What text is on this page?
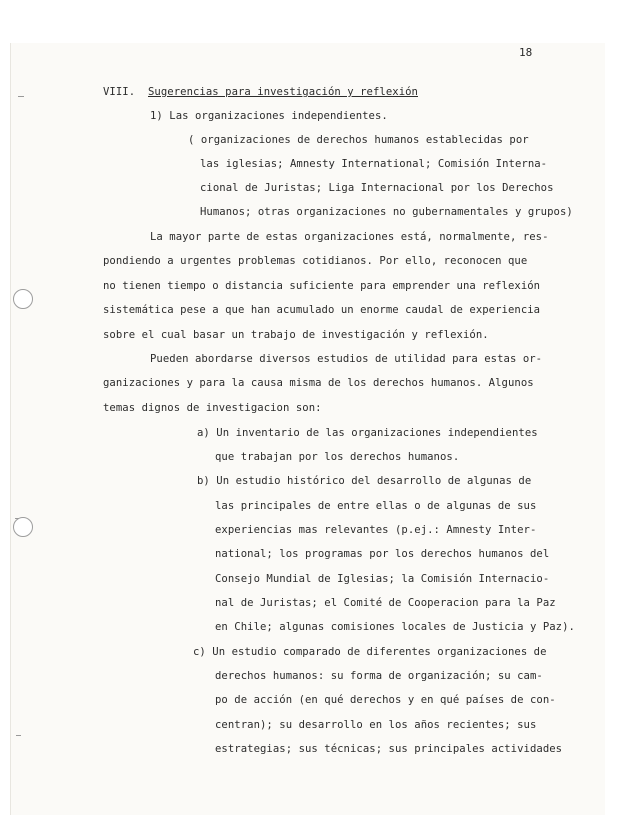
18
VIII. Sugerencias para investigación y reflexión
1) Las organizaciones independientes.
( organizaciones de derechos humanos establecidas por
las iglesias; Amnesty International; Comisión Interna-
cional de Juristas; Liga Internacional por los Derechos
Humanos; otras organizaciones no gubernamentales y grupos)
La mayor parte de estas organizaciones está, normalmente, res-
pondiendo a urgentes problemas cotidianos. Por ello, reconocen que
no tienen tiempo o distancia suficiente para emprender una reflexión
sistemática pese a que han acumulado un enorme caudal de experiencia
sobre el cual basar un trabajo de investigación y reflexión.
Pueden abordarse diversos estudios de utilidad para estas or-
ganizaciones y para la causa misma de los derechos humanos. Algunos
temas dignos de investigacion son:
a) Un inventario de las organizaciones independientes
que trabajan por los derechos humanos.
b) Un estudio histórico del desarrollo de algunas de
las principales de entre ellas o de algunas de sus
experiencias mas relevantes (p.ej.: Amnesty Inter-
national; los programas por los derechos humanos del
Consejo Mundial de Iglesias; la Comisión Internacio-
nal de Juristas; el Comité de Cooperacion para la Paz
en Chile; algunas comisiones locales de Justicia y Paz).
c) Un estudio comparado de diferentes organizaciones de
derechos humanos: su forma de organización; su cam-
po de acción (en qué derechos y en qué países de con-
centran); su desarrollo en los años recientes; sus
estrategias; sus técnicas; sus principales actividades
